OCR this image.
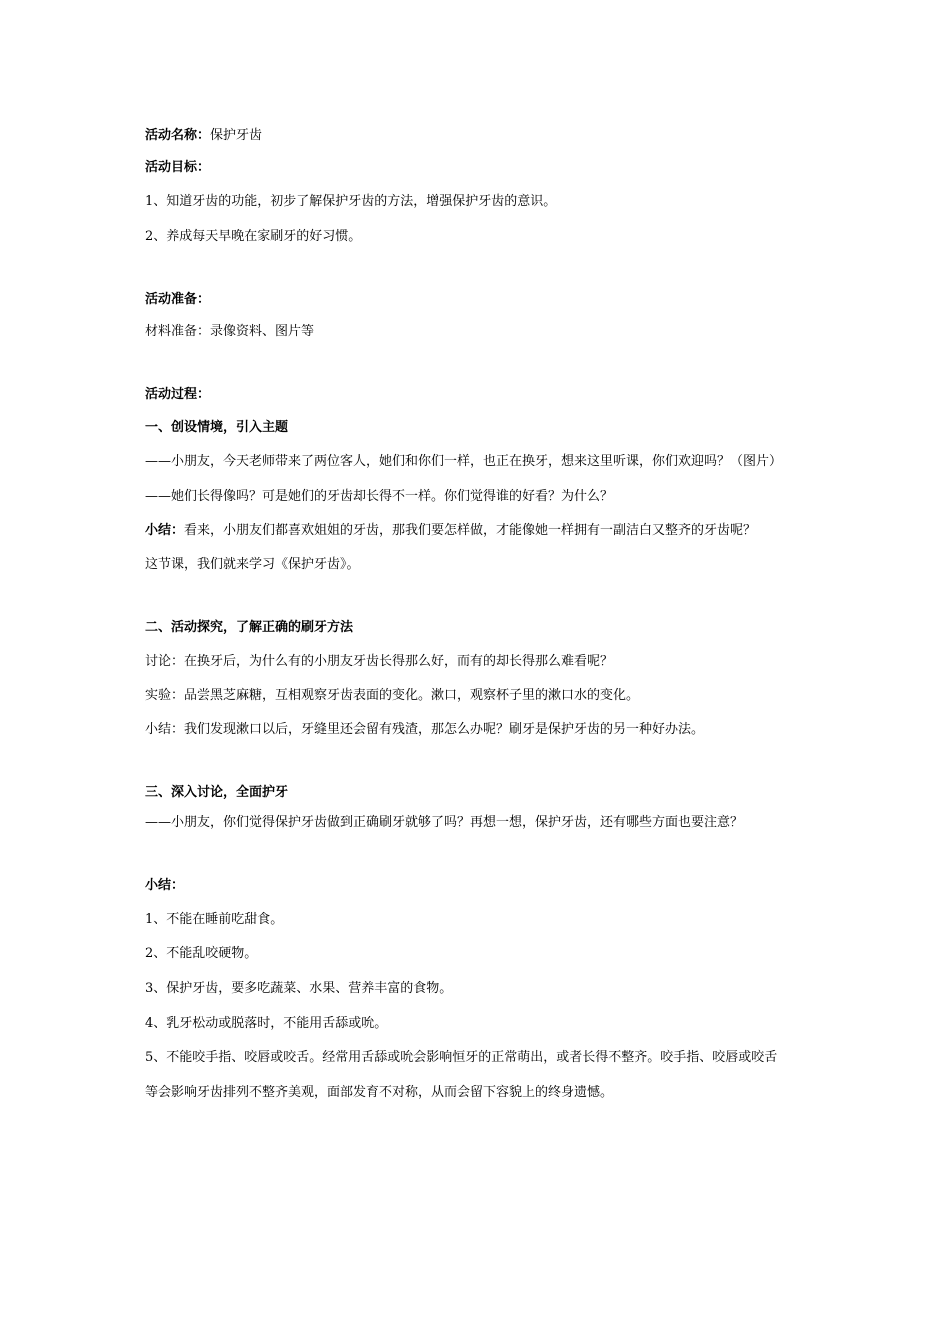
活动名称：保护牙齿

活动目标：

1、知道牙齿的功能，初步了解保护牙齿的方法，增强保护牙齿的意识。

2、养成每天早晚在家刷牙的好习惯。

活动准备：

材料准备：录像资料、图片等

活动过程：

一、创设情境，引入主题

——小朋友，今天老师带来了两位客人，她们和你们一样，也正在换牙，想来这里听课，你们欢迎吗？（图片）

——她们长得像吗？可是她们的牙齿却长得不一样。你们觉得谁的好看？为什么？

小结：看来，小朋友们都喜欢姐姐的牙齿，那我们要怎样做，才能像她一样拥有一副洁白又整齐的牙齿呢？

这节课，我们就来学习《保护牙齿》。

二、活动探究，了解正确的刷牙方法

讨论：在换牙后，为什么有的小朋友牙齿长得那么好，而有的却长得那么难看呢？

实验：品尝黑芝麻糖，互相观察牙齿表面的变化。漱口，观察杯子里的漱口水的变化。

小结：我们发现漱口以后，牙缝里还会留有残渣，那怎么办呢？刷牙是保护牙齿的另一种好办法。

三、深入讨论，全面护牙

——小朋友，你们觉得保护牙齿做到正确刷牙就够了吗？再想一想，保护牙齿，还有哪些方面也要注意？

小结：

1、不能在睡前吃甜食。

2、不能乱咬硬物。

3、保护牙齿，要多吃蔬菜、水果、营养丰富的食物。

4、乳牙松动或脱落时，不能用舌舔或吮。

5、不能咬手指、咬唇或咬舌。经常用舌舔或吮会影响恒牙的正常萌出，或者长得不整齐。咬手指、咬唇或咬舌

等会影响牙齿排列不整齐美观，面部发育不对称，从而会留下容貌上的终身遗憾。
